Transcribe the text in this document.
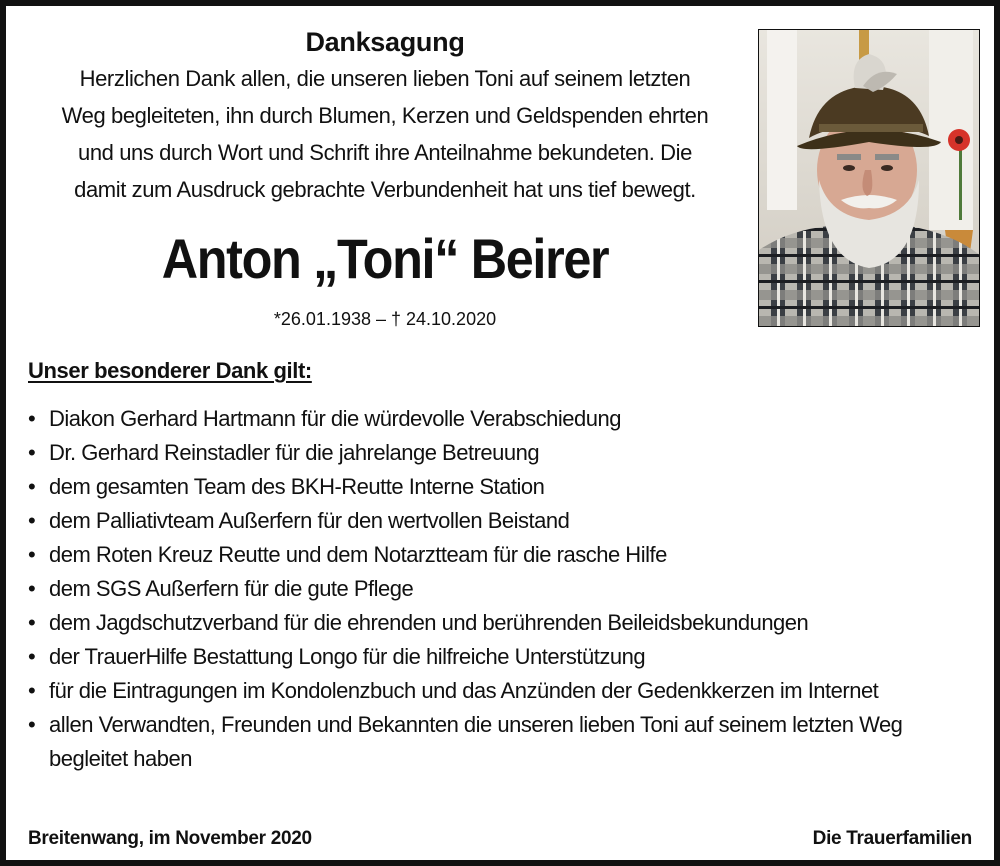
Danksagung
Herzlichen Dank allen, die unseren lieben Toni auf seinem letzten
Weg begleiteten, ihn durch Blumen, Kerzen und Geldspenden ehrten
und uns durch Wort und Schrift ihre Anteilnahme bekundeten. Die
damit zum Ausdruck gebrachte Verbundenheit hat uns tief bewegt.
Anton „Toni“ Beirer
*26.01.1938 – † 24.10.2020
Unser besonderer Dank gilt:
• Diakon Gerhard Hartmann für die würdevolle Verabschiedung
• Dr. Gerhard Reinstadler für die jahrelange Betreuung
• dem gesamten Team des BKH-Reutte Interne Station
• dem Palliativteam Außerfern für den wertvollen Beistand
• dem Roten Kreuz Reutte und dem Notarztteam für die rasche Hilfe
• dem SGS Außerfern für die gute Pflege
• dem Jagdschutzverband für die ehrenden und berührenden Beileidsbekundungen
• der TrauerHilfe Bestattung Longo für die hilfreiche Unterstützung
• für die Eintragungen im Kondolenzbuch und das Anzünden der Gedenkkerzen im Internet
• allen Verwandten, Freunden und Bekannten die unseren lieben Toni auf seinem letzten Weg begleitet haben
Breitenwang, im November 2020	Die Trauerfamilien
